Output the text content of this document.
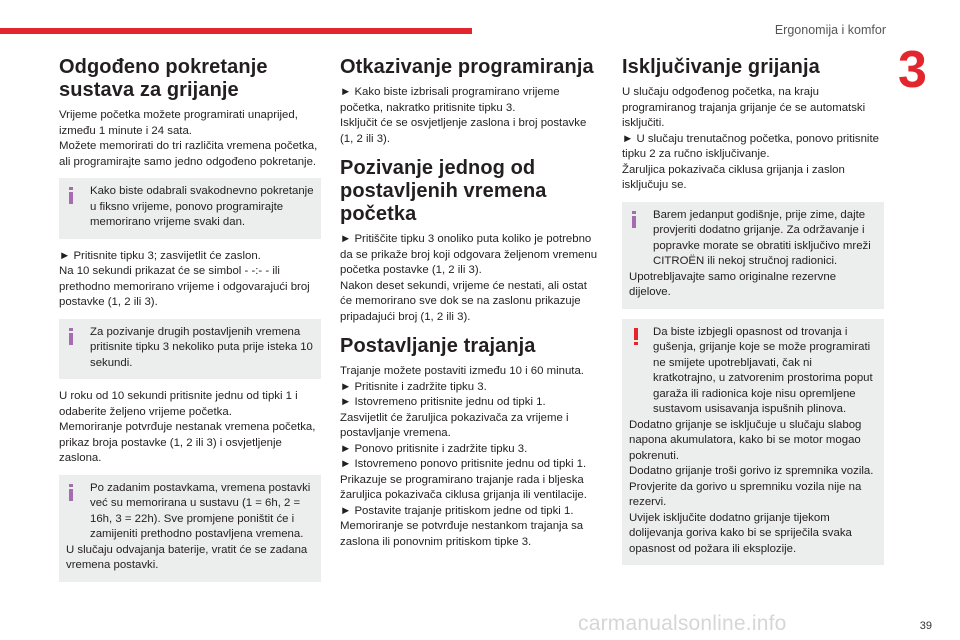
Ergonomija i komfor
3
Odgođeno pokretanje sustava za grijanje

Vrijeme početka možete programirati unaprijed, između 1 minute i 24 sata.

Možete memorirati do tri različita vremena početka, ali programirajte samo jedno odgođeno pokretanje.

Kako biste odabrali svakodnevno pokretanje u fiksno vrijeme, ponovo programirajte memorirano vrijeme svaki dan.

► Pritisnite tipku 3; zasvijetlit će zaslon.

Na 10 sekundi prikazat će se simbol - -:- - ili prethodno memorirano vrijeme i odgovarajući broj postavke (1, 2 ili 3).

Za pozivanje drugih postavljenih vremena pritisnite tipku 3 nekoliko puta prije isteka 10 sekundi.

U roku od 10 sekundi pritisnite jednu od tipki 1 i odaberite željeno vrijeme početka.

Memoriranje potvrđuje nestanak vremena početka, prikaz broja postavke (1, 2 ili 3) i osvjetljenje zaslona.

Po zadanim postavkama, vremena postavki već su memorirana u sustavu (1 = 6h, 2 = 16h, 3 = 22h). Sve promjene poništit će i zamijeniti prethodno postavljena vremena.
U slučaju odvajanja baterije, vratit će se zadana vremena postavki.
Otkazivanje programiranja

► Kako biste izbrisali programirano vrijeme početka, nakratko pritisnite tipku 3.

Isključit će se osvjetljenje zaslona i broj postavke (1, 2 ili 3).

Pozivanje jednog od postavljenih vremena početka

► Pritiščite tipku 3 onoliko puta koliko je potrebno da se prikaže broj koji odgovara željenom vremenu početka postavke (1, 2 ili 3).

Nakon deset sekundi, vrijeme će nestati, ali ostat će memorirano sve dok se na zaslonu prikazuje pripadajući broj (1, 2 ili 3).

Postavljanje trajanja

Trajanje možete postaviti između 10 i 60 minuta.

► Pritisnite i zadržite tipku 3.

► Istovremeno pritisnite jednu od tipki 1.

Zasvijetlit će žaruljica pokazivača za vrijeme i postavljanje vremena.

► Ponovo pritisnite i zadržite tipku 3.

► Istovremeno ponovo pritisnite jednu od tipki 1.

Prikazuje se programirano trajanje rada i bljeska žaruljica pokazivača ciklusa grijanja ili ventilacije.

► Postavite trajanje pritiskom jedne od tipki 1.

Memoriranje se potvrđuje nestankom trajanja sa zaslona ili ponovnim pritiskom tipke 3.

Isključivanje grijanja

U slučaju odgođenog početka, na kraju programiranog trajanja grijanje će se automatski isključiti.

► U slučaju trenutačnog početka, ponovo pritisnite tipku 2 za ručno isključivanje.

Žaruljica pokazivača ciklusa grijanja i zaslon isključuju se.

Barem jedanput godišnje, prije zime, dajte provjeriti dodatno grijanje. Za održavanje i popravke morate se obratiti isključivo mreži CITROËN ili nekoj stručnoj radionici.
Upotrebljavajte samo originalne rezervne dijelove.
Da biste izbjegli opasnost od trovanja i gušenja, grijanje koje se može programirati ne smijete upotrebljavati, čak ni kratkotrajno, u zatvorenim prostorima poput garaža ili radionica koje nisu opremljene sustavom usisavanja ispušnih plinova.
Dodatno grijanje se isključuje u slučaju slabog napona akumulatora, kako bi se motor mogao pokrenuti.
Dodatno grijanje troši gorivo iz spremnika vozila. Provjerite da gorivo u spremniku vozila nije na rezervi.
Uvijek isključite dodatno grijanje tijekom dolijevanja goriva kako bi se spriječila svaka opasnost od požara ili eksplozije.
carmanualsonline.info	39
